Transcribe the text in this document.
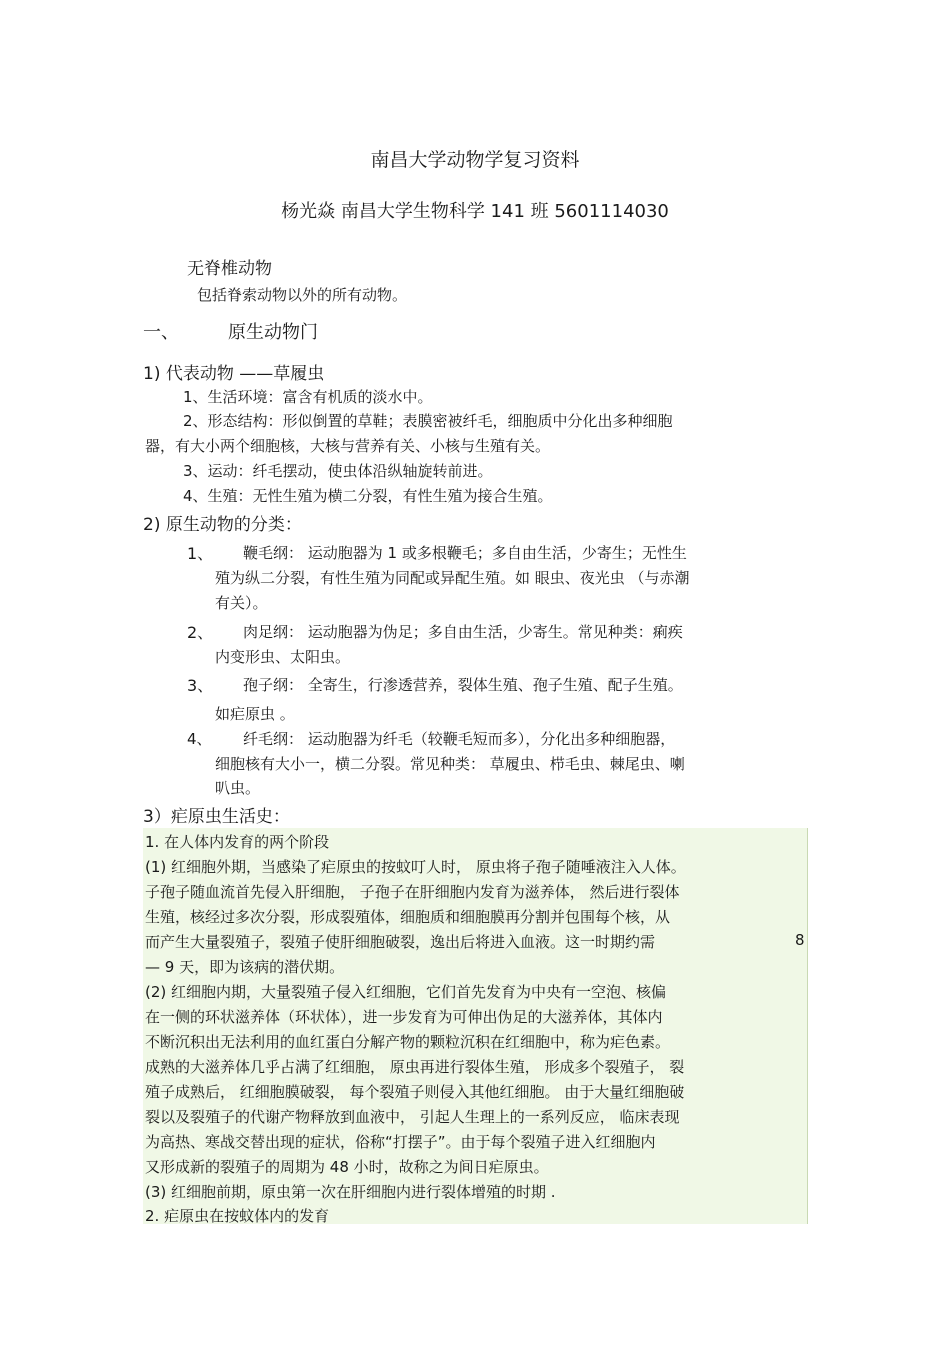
南昌大学动物学复习资料
杨光焱 南昌大学生物科学 141 班 5601114030
无脊椎动物
包括脊索动物以外的所有动物。
一、	原生动物门
1) 代表动物 ——草履虫
1、生活环境：富含有机质的淡水中。
2、形态结构：形似倒置的草鞋；表膜密被纤毛，细胞质中分化出多种细胞
器，有大小两个细胞核，大核与营养有关、小核与生殖有关。
3、运动：纤毛摆动，使虫体沿纵轴旋转前进。
4、生殖：无性生殖为横二分裂，有性生殖为接合生殖。
2) 原生动物的分类：
1、 鞭毛纲： 运动胞器为 1 或多根鞭毛；多自由生活，少寄生；无性生
殖为纵二分裂，有性生殖为同配或异配生殖。如 眼虫、夜光虫 （与赤潮
有关）。
2、 肉足纲： 运动胞器为伪足；多自由生活，少寄生。常见种类：痢疾
内变形虫、太阳虫。
3、 孢子纲： 全寄生，行渗透营养，裂体生殖、孢子生殖、配子生殖。
如疟原虫 。
4、 纤毛纲： 运动胞器为纤毛（较鞭毛短而多），分化出多种细胞器，
细胞核有大小一，横二分裂。常见种类： 草履虫、栉毛虫、棘尾虫、喇
叭虫。
3）疟原虫生活史：
1. 在人体内发育的两个阶段
(1) 红细胞外期，当感染了疟原虫的按蚊叮人时， 原虫将子孢子随唾液注入人体。
子孢子随血流首先侵入肝细胞， 子孢子在肝细胞内发育为滋养体， 然后进行裂体
生殖，核经过多次分裂，形成裂殖体，细胞质和细胞膜再分割并包围每个核，从
而产生大量裂殖子，裂殖子使肝细胞破裂，逸出后将进入血液。这一时期约需	8
— 9 天，即为该病的潜伏期。
(2) 红细胞内期，大量裂殖子侵入红细胞，它们首先发育为中央有一空泡、核偏
在一侧的环状滋养体（环状体），进一步发育为可伸出伪足的大滋养体，其体内
不断沉积出无法利用的血红蛋白分解产物的颗粒沉积在红细胞中，称为疟色素。
成熟的大滋养体几乎占满了红细胞， 原虫再进行裂体生殖， 形成多个裂殖子， 裂
殖子成熟后， 红细胞膜破裂， 每个裂殖子则侵入其他红细胞。 由于大量红细胞破
裂以及裂殖子的代谢产物释放到血液中， 引起人生理上的一系列反应， 临床表现
为高热、寒战交替出现的症状，俗称“打摆子”。由于每个裂殖子进入红细胞内
又形成新的裂殖子的周期为 48 小时，故称之为间日疟原虫。
(3) 红细胞前期，原虫第一次在肝细胞内进行裂体增殖的时期 .
2. 疟原虫在按蚊体内的发育
